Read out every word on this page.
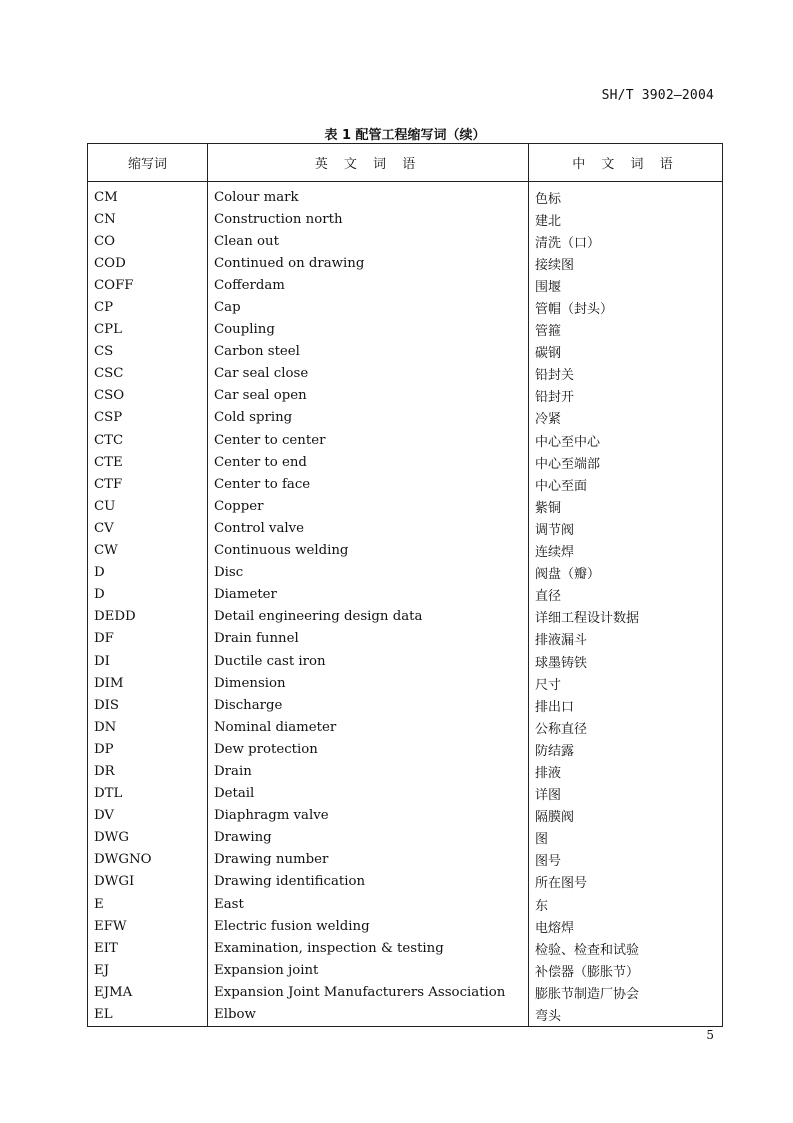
SH/T 3902—2004
表 1 配管工程缩写词（续）
缩写词	英 文 词 语	中 文 词 语
CM	Colour mark	色标
CN	Construction north	建北
CO	Clean out	清洗（口）
COD	Continued on drawing	接续图
COFF	Cofferdam	围堰
CP	Cap	管帽（封头）
CPL	Coupling	管箍
CS	Carbon steel	碳钢
CSC	Car seal close	铅封关
CSO	Car seal open	铅封开
CSP	Cold spring	冷紧
CTC	Center to center	中心至中心
CTE	Center to end	中心至端部
CTF	Center to face	中心至面
CU	Copper	紫铜
CV	Control valve	调节阀
CW	Continuous welding	连续焊
D	Disc	阀盘（瓣）
D	Diameter	直径
DEDD	Detail engineering design data	详细工程设计数据
DF	Drain funnel	排液漏斗
DI	Ductile cast iron	球墨铸铁
DIM	Dimension	尺寸
DIS	Discharge	排出口
DN	Nominal diameter	公称直径
DP	Dew protection	防结露
DR	Drain	排液
DTL	Detail	详图
DV	Diaphragm valve	隔膜阀
DWG	Drawing	图
DWGNO	Drawing number	图号
DWGI	Drawing identification	所在图号
E	East	东
EFW	Electric fusion welding	电熔焊
EIT	Examination, inspection & testing	检验、检查和试验
EJ	Expansion joint	补偿器（膨胀节）
EJMA	Expansion Joint Manufacturers Association	膨胀节制造厂协会
EL	Elbow	弯头
5
